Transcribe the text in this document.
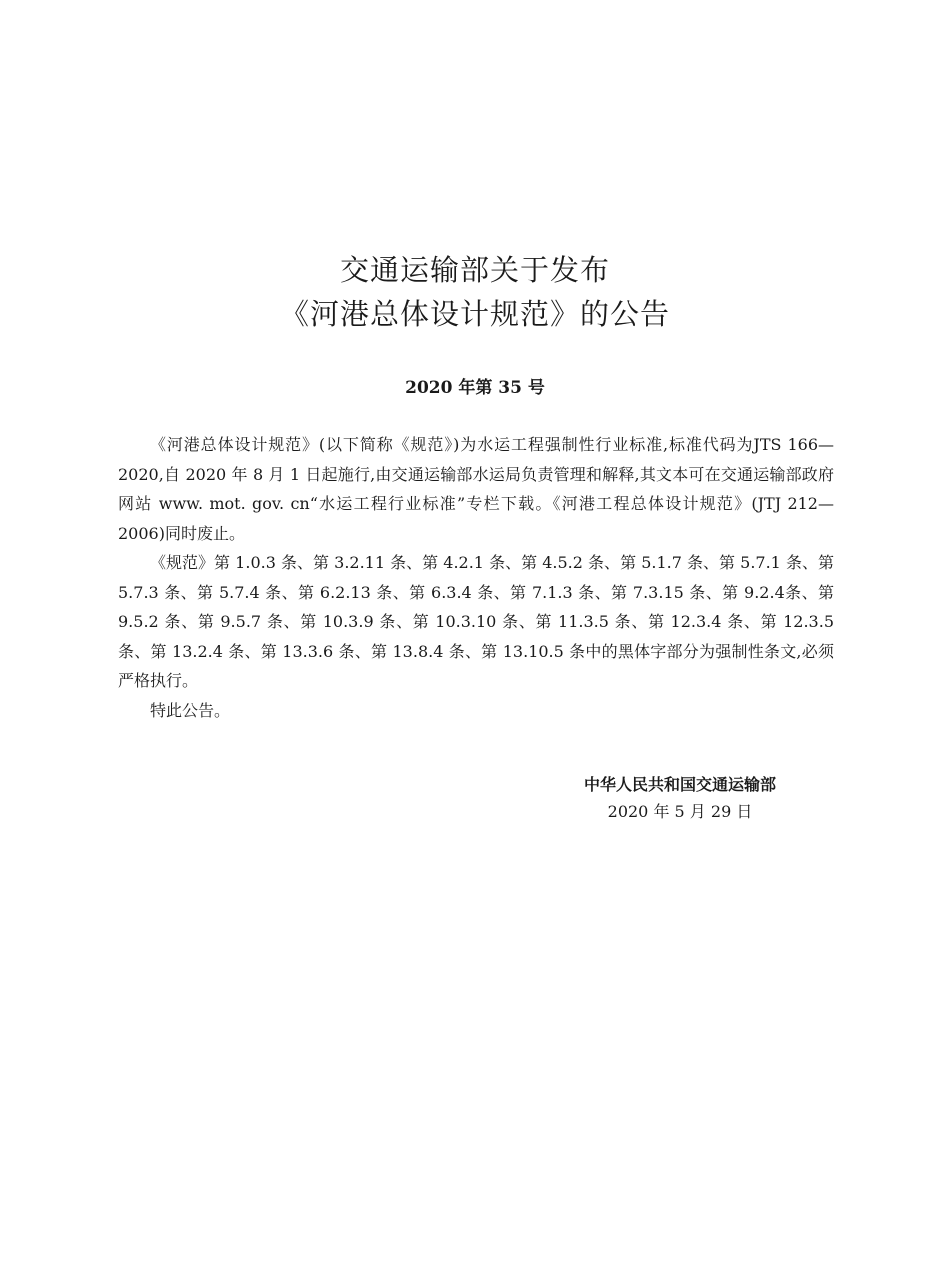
交通运输部关于发布
《河港总体设计规范》的公告
2020 年第 35 号

《河港总体设计规范》(以下简称《规范》)为水运工程强制性行业标准,标准代码为JTS 166—2020,自 2020 年 8 月 1 日起施行,由交通运输部水运局负责管理和解释,其文本可在交通运输部政府网站 www. mot. gov. cn“水运工程行业标准”专栏下载。《河港工程总体设计规范》(JTJ 212—2006)同时废止。

《规范》第 1.0.3 条、第 3.2.11 条、第 4.2.1 条、第 4.5.2 条、第 5.1.7 条、第 5.7.1 条、第 5.7.3 条、第 5.7.4 条、第 6.2.13 条、第 6.3.4 条、第 7.1.3 条、第 7.3.15 条、第 9.2.4条、第 9.5.2 条、第 9.5.7 条、第 10.3.9 条、第 10.3.10 条、第 11.3.5 条、第 12.3.4 条、第 12.3.5 条、第 13.2.4 条、第 13.3.6 条、第 13.8.4 条、第 13.10.5 条中的黑体字部分为强制性条文,必须严格执行。

特此公告。

中华人民共和国交通运输部
2020 年 5 月 29 日
